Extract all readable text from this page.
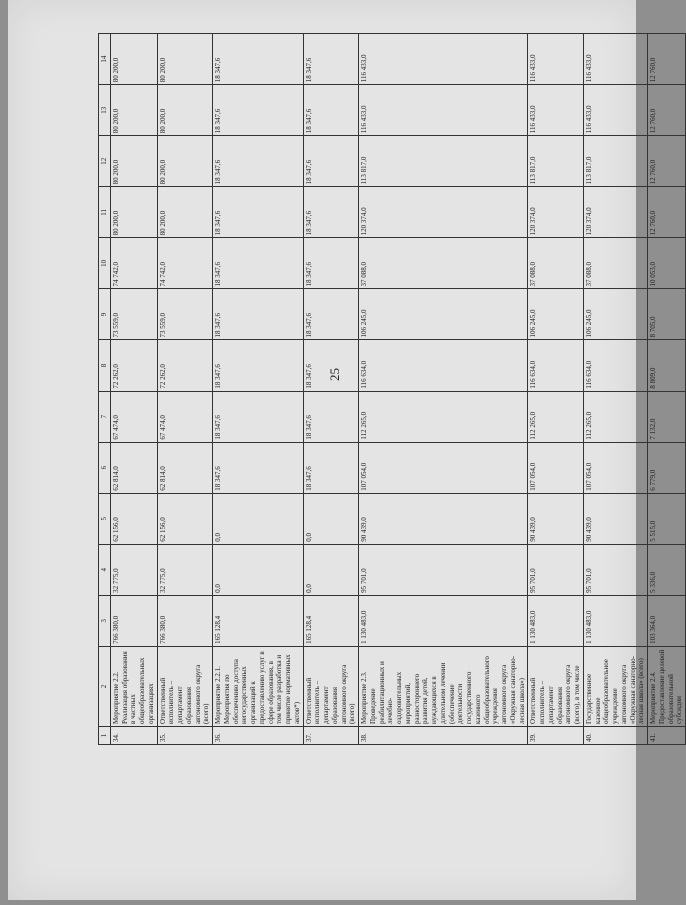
25
1	2	3	4	5	6	7	8	9	10	11	12	13	14
34.	Мероприятие 2.2. Реализация образования в частных общеобразовательных организациях	766 380,0	32 775,0	62 156,0	62 814,0	67 474,0	72 262,0	73 559,0	74 742,0	80 200,0	80 200,0	80 200,0	80 200,0
35.	Ответственный исполнитель – департамент образования автономного округа (всего)	766 380,0	32 775,0	62 156,0	62 814,0	67 474,0	72 262,0	73 559,0	74 742,0	80 200,0	80 200,0	80 200,0	80 200,0
36.	Мероприятие 2.2.1. Мероприятия по обеспечению доступа негосударственных организаций к предоставлению услуг в сфере образования, в том числе разработка и принятие нормативных актов*)	165 128,4	0,0	0,0	18 347,6	18 347,6	18 347,6	18 347,6	18 347,6	18 347,6	18 347,6	18 347,6	18 347,6
37.	Ответственный исполнитель – департамент образования автономного округа (всего)	165 128,4	0,0	0,0	18 347,6	18 347,6	18 347,6	18 347,6	18 347,6	18 347,6	18 347,6	18 347,6	18 347,6
38.	Мероприятие 2.3. Проведение реабилитационных и лечебно-оздоровительных мероприятий, разностороннего развития детей, нуждающихся в длительном лечении (обеспечение деятельности государственного казенного общеобразовательного учреждения автономного округа «Окружная санаторно-лесная школа»)	1 130 483,0	95 701,0	90 439,0	107 054,0	112 265,0	116 634,0	106 245,0	37 088,0	120 374,0	113 817,0	116 433,0	116 433,0
39.	Ответственный исполнитель – департамент образования автономного округа (всего), в том числе	1 130 483,0	95 701,0	90 439,0	107 054,0	112 265,0	116 634,0	106 245,0	37 088,0	120 374,0	113 817,0	116 433,0	116 433,0
40.	Государственное казенное общеобразовательное учреждение автономного округа «Окружная санаторно-лесная школа» (всего)	1 130 483,0	95 701,0	90 439,0	107 054,0	112 265,0	116 634,0	106 245,0	37 088,0	120 374,0	113 817,0	116 433,0	116 433,0
41.	Мероприятие 2.4. Предоставление целевой образовательной субсидии	103 364,0	5 336,0	5 515,0	6 779,0	7 132,0	8 809,0	8 705,0	10 053,0	12 760,0	12 760,0	12 760,0	12 760,0
